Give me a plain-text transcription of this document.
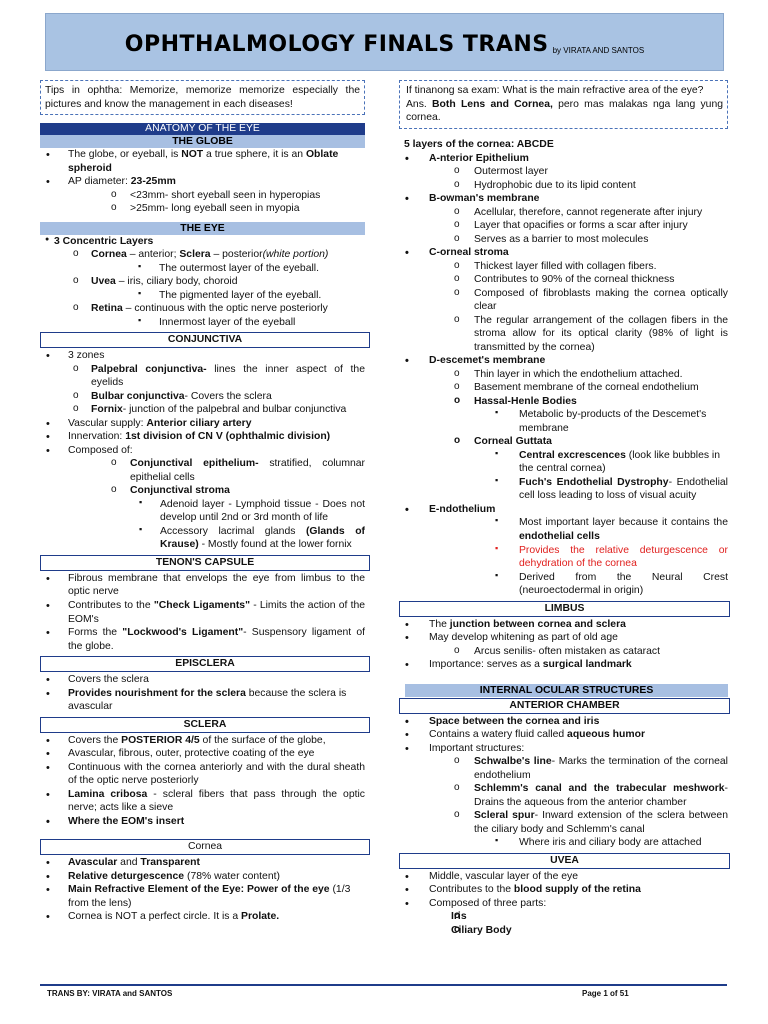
OPHTHALMOLOGY FINALS TRANS by VIRATA AND SANTOS
Tips in ophtha: Memorize, memorize memorize especially the pictures and know the management in each diseases!
ANATOMY OF THE EYE
THE GLOBE
• The globe, or eyeball, is NOT a true sphere, it is an Oblate spheroid
• AP diameter: 23-25mm
o <23mm- short eyeball seen in hyperopias
o >25mm- long eyeball seen in myopia
THE EYE
● 3 Concentric Layers
o Cornea – anterior; Sclera – posterior(white portion)
▪ The outermost layer of the eyeball.
o Uvea – iris, ciliary body, choroid
▪ The pigmented layer of the eyeball.
o Retina – continuous with the optic nerve posteriorly
▪ Innermost layer of the eyeball
CONJUNCTIVA
• 3 zones
o Palpebral conjunctiva- lines the inner aspect of the eyelids
o Bulbar conjunctiva- Covers the sclera
o Fornix- junction of the palpebral and bulbar conjunctiva
• Vascular supply: Anterior ciliary artery
• Innervation: 1st division of CN V (ophthalmic division)
• Composed of:
o Conjunctival epithelium- stratified, columnar epithelial cells
o Conjunctival stroma
▪ Adenoid layer - Lymphoid tissue - Does not develop until 2nd or 3rd month of life
▪ Accessory lacrimal glands (Glands of Krause) - Mostly found at the lower fornix
TENON'S CAPSULE
• Fibrous membrane that envelops the eye from limbus to the optic nerve
• Contributes to the "Check Ligaments" - Limits the action of the EOM's
• Forms the "Lockwood's Ligament"- Suspensory ligament of the globe.
EPISCLERA
• Covers the sclera
• Provides nourishment for the sclera because the sclera is avascular
SCLERA
• Covers the POSTERIOR 4/5 of the surface of the globe,
• Avascular, fibrous, outer, protective coating of the eye
• Continuous with the cornea anteriorly and with the dural sheath of the optic nerve posteriorly
• Lamina cribosa - scleral fibers that pass through the optic nerve; acts like a sieve
• Where the EOM's insert
Cornea
• Avascular and Transparent
• Relative deturgescence (78% water content)
• Main Refractive Element of the Eye: Power of the eye (1/3 from the lens)
• Cornea is NOT a perfect circle. It is a Prolate.
If tinanong sa exam: What is the main refractive area of the eye?
Ans. Both Lens and Cornea, pero mas malakas nga lang yung cornea.
5 layers of the cornea: ABCDE
• A-nterior Epithelium
o Outermost layer
o Hydrophobic due to its lipid content
• B-owman's membrane
o Acellular, therefore, cannot regenerate after injury
o Layer that opacifies or forms a scar after injury
o Serves as a barrier to most molecules
• C-orneal stroma
o Thickest layer filled with collagen fibers.
o Contributes to 90% of the corneal thickness
o Composed of fibroblasts making the cornea optically clear
o The regular arrangement of the collagen fibers in the stroma allow for its optical clarity (98% of light is transmitted by the cornea)
• D-escemet's membrane
o Thin layer in which the endothelium attached.
o Basement membrane of the corneal endothelium
o Hassal-Henle Bodies
▪ Metabolic by-products of the Descemet's membrane
o Corneal Guttata
▪ Central excrescences (look like bubbles in the central cornea)
▪ Fuch's Endothelial Dystrophy- Endothelial cell loss leading to loss of visual acuity
• E-ndothelium
▪ Most important layer because it contains the endothelial cells
▪ Provides the relative deturgescence or dehydration of the cornea
▪ Derived from the Neural Crest (neuroectodermal in origin)
LIMBUS
• The junction between cornea and sclera
• May develop whitening as part of old age
o Arcus senilis- often mistaken as cataract
• Importance: serves as a surgical landmark
INTERNAL OCULAR STRUCTURES
ANTERIOR CHAMBER
• Space between the cornea and iris
• Contains a watery fluid called aqueous humor
• Important structures:
o Schwalbe's line- Marks the termination of the corneal endothelium
o Schlemm's canal and the trabecular meshwork- Drains the aqueous from the anterior chamber
o Scleral spur- Inward extension of the sclera between the ciliary body and Schlemm's canal
▪ Where iris and ciliary body are attached
UVEA
• Middle, vascular layer of the eye
• Contributes to the blood supply of the retina
• Composed of three parts:
o Iris
o Ciliary Body
TRANS BY: VIRATA and SANTOS	Page 1 of 51
